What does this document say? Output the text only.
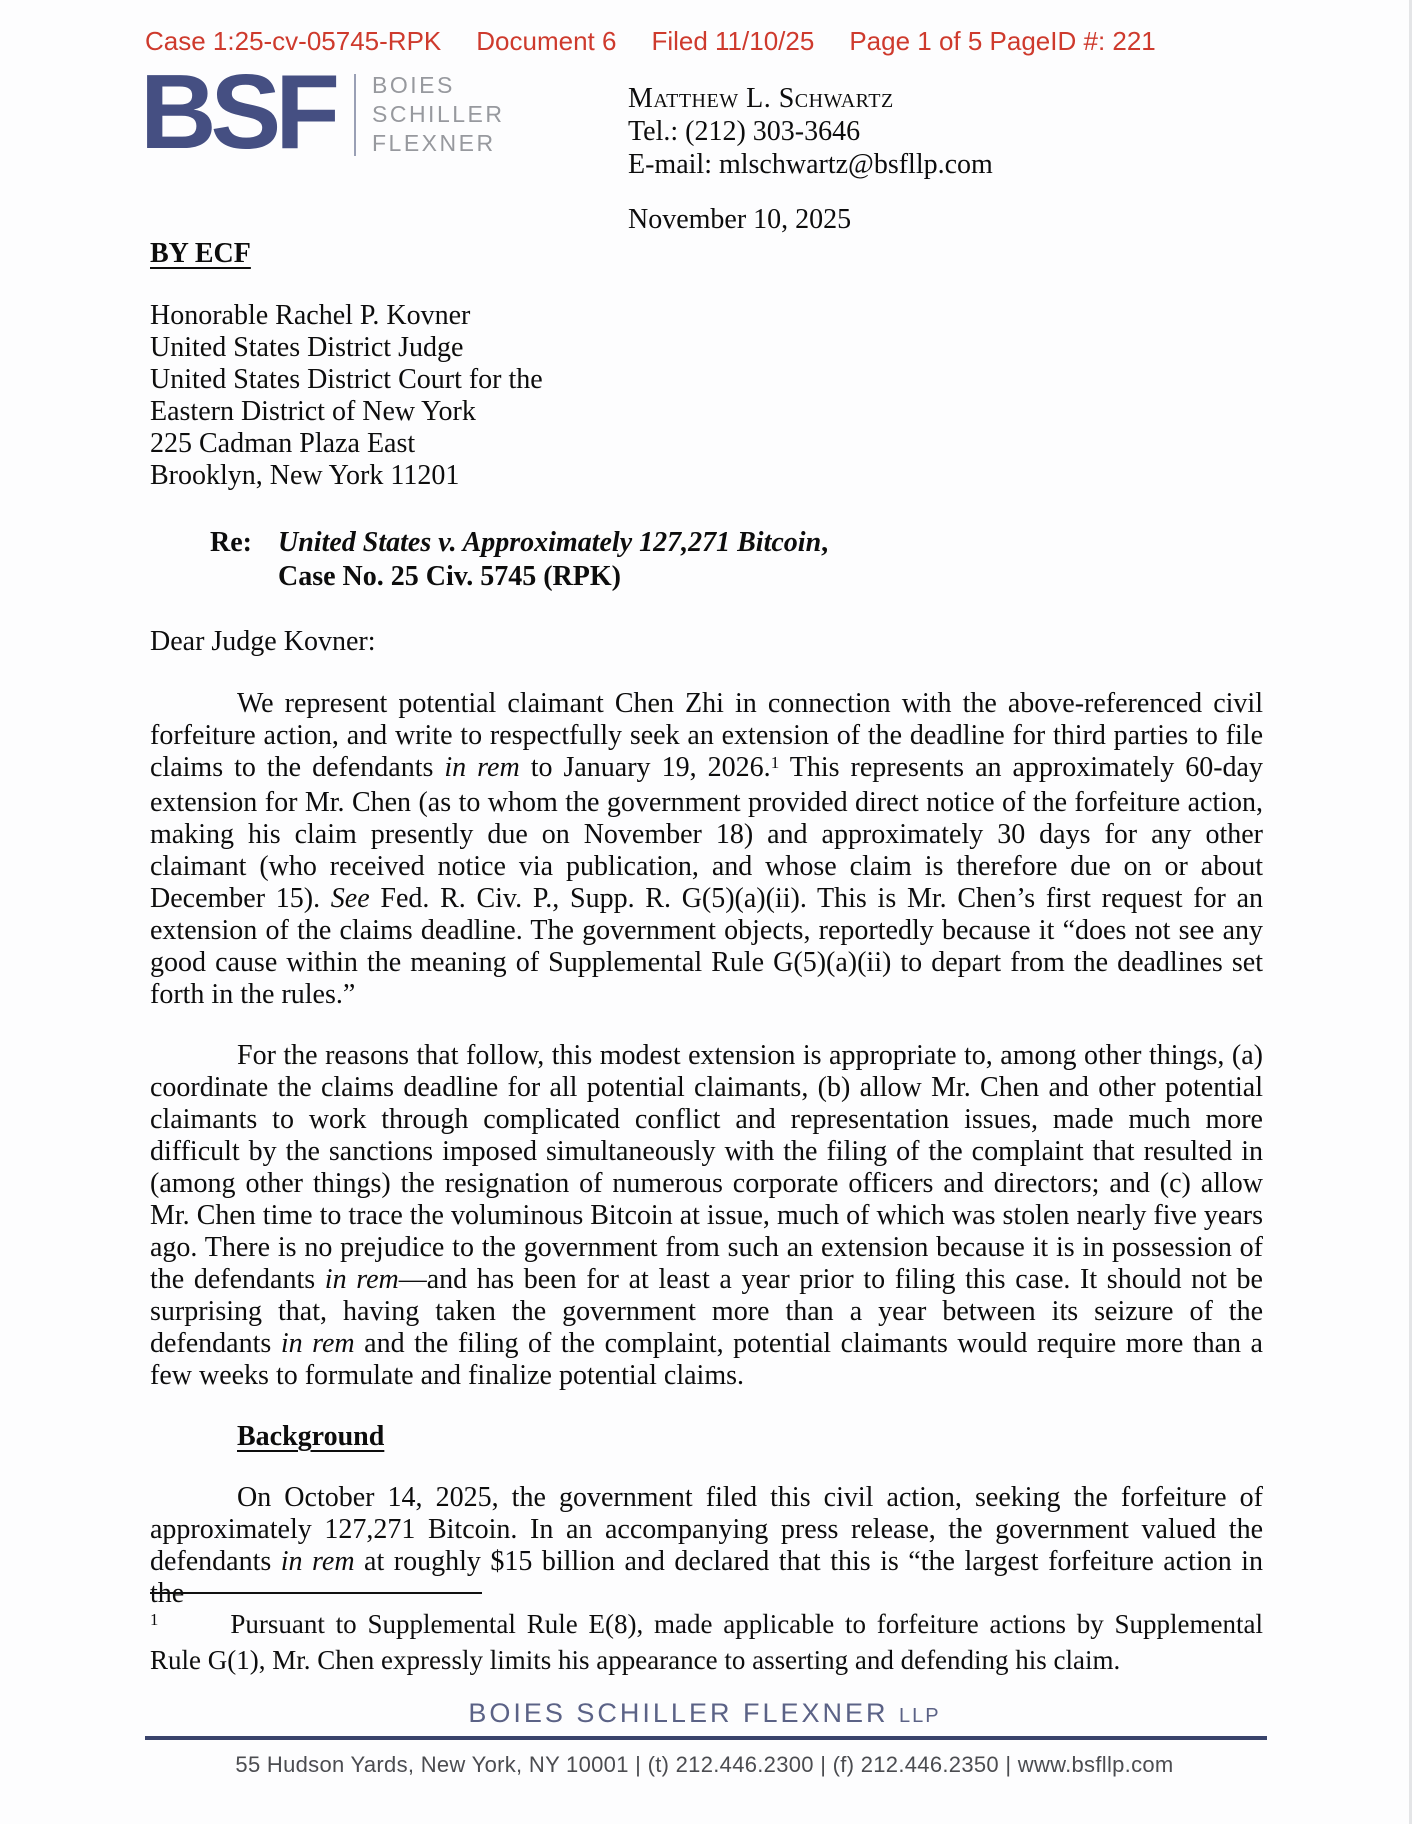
Case 1:25-cv-05745-RPK Document 6 Filed 11/10/25 Page 1 of 5 PageID #: 221
BSF BOIES
SCHILLER
FLEXNER
Matthew L. Schwartz
Tel.: (212) 303-3646
E-mail: mlschwartz@bsfllp.com
November 10, 2025
BY ECF
Honorable Rachel P. Kovner
United States District Judge
United States District Court for the
Eastern District of New York
225 Cadman Plaza East
Brooklyn, New York 11201
Re: United States v. Approximately 127,271 Bitcoin,
Case No. 25 Civ. 5745 (RPK)
Dear Judge Kovner:

We represent potential claimant Chen Zhi in connection with the above-referenced civil forfeiture action, and write to respectfully seek an extension of the deadline for third parties to file claims to the defendants in rem to January 19, 2026.$^1$ This represents an approximately 60-day extension for Mr. Chen (as to whom the government provided direct notice of the forfeiture action, making his claim presently due on November 18) and approximately 30 days for any other claimant (who received notice via publication, and whose claim is therefore due on or about December 15). See Fed. R. Civ. P., Supp. R. G(5)(a)(ii). This is Mr. Chen’s first request for an extension of the claims deadline. The government objects, reportedly because it “does not see any good cause within the meaning of Supplemental Rule G(5)(a)(ii) to depart from the deadlines set forth in the rules.”

For the reasons that follow, this modest extension is appropriate to, among other things, (a) coordinate the claims deadline for all potential claimants, (b) allow Mr. Chen and other potential claimants to work through complicated conflict and representation issues, made much more difficult by the sanctions imposed simultaneously with the filing of the complaint that resulted in (among other things) the resignation of numerous corporate officers and directors; and (c) allow Mr. Chen time to trace the voluminous Bitcoin at issue, much of which was stolen nearly five years ago. There is no prejudice to the government from such an extension because it is in possession of the defendants in rem—and has been for at least a year prior to filing this case. It should not be surprising that, having taken the government more than a year between its seizure of the defendants in rem and the filing of the complaint, potential claimants would require more than a few weeks to formulate and finalize potential claims.

Background

On October 14, 2025, the government filed this civil action, seeking the forfeiture of approximately 127,271 Bitcoin. In an accompanying press release, the government valued the defendants in rem at roughly $15 billion and declared that this is “the largest forfeiture action in the

$^1$	Pursuant to Supplemental Rule E(8), made applicable to forfeiture actions by Supplemental Rule G(1), Mr. Chen expressly limits his appearance to asserting and defending his claim.
BOIES SCHILLER FLEXNER LLP
55 Hudson Yards, New York, NY 10001 | (t) 212.446.2300 | (f) 212.446.2350 | www.bsfllp.com
